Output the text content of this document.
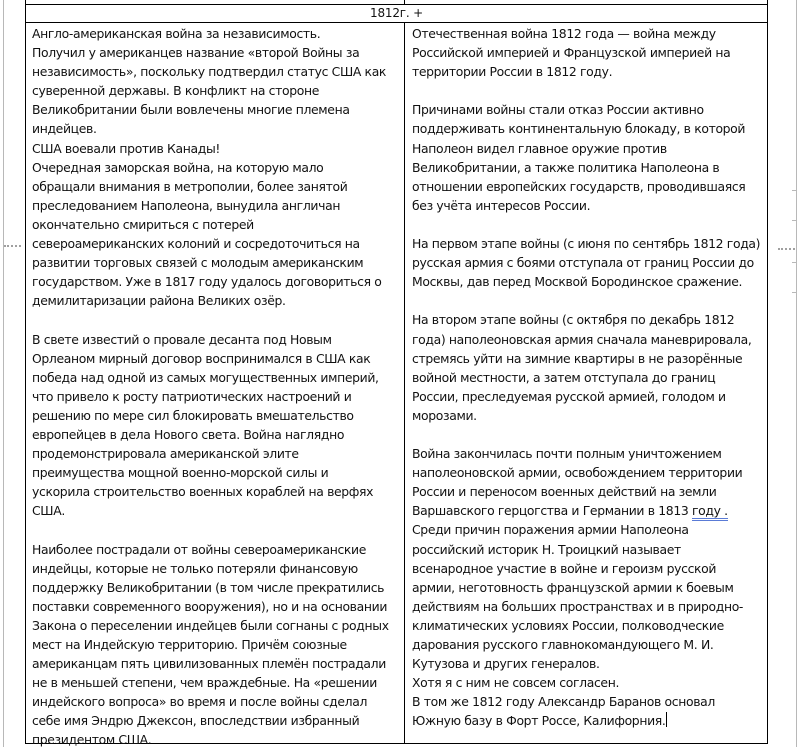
1812г. +
Англо-американская война за независимость.
Получил у американцев название «второй Войны за
независимость», поскольку подтвердил статус США как
суверенной державы. В конфликт на стороне
Великобритании были вовлечены многие племена
индейцев.
США воевали против Канады!
Очередная заморская война, на которую мало
обращали внимания в метрополии, более занятой
преследованием Наполеона, вынудила англичан
окончательно смириться с потерей
североамериканских колоний и сосредоточиться на
развитии торговых связей с молодым американским
государством. Уже в 1817 году удалось договориться о
демилитаризации района Великих озёр.
В свете известий о провале десанта под Новым
Орлеаном мирный договор воспринимался в США как
победа над одной из самых могущественных империй,
что привело к росту патриотических настроений и
решению по мере сил блокировать вмешательство
европейцев в дела Нового света. Война наглядно
продемонстрировала американской элите
преимущества мощной военно-морской силы и
ускорила строительство военных кораблей на верфях
США.
Наиболее пострадали от войны североамериканские
индейцы, которые не только потеряли финансовую
поддержку Великобритании (в том числе прекратились
поставки современного вооружения), но и на основании
Закона о переселении индейцев были согнаны с родных
мест на Индейскую территорию. Причём союзные
американцам пять цивилизованных племён пострадали
не в меньшей степени, чем враждебные. На «решении
индейского вопроса» во время и после войны сделал
себе имя Эндрю Джексон, впоследствии избранный
президентом США.
Отечественная война 1812 года — война между
Российской империей и Французской империей на
территории России в 1812 году.
Причинами войны стали отказ России активно
поддерживать континентальную блокаду, в которой
Наполеон видел главное оружие против
Великобритании, а также политика Наполеона в
отношении европейских государств, проводившаяся
без учёта интересов России.
На первом этапе войны (с июня по сентябрь 1812 года)
русская армия с боями отступала от границ России до
Москвы, дав перед Москвой Бородинское сражение.
На втором этапе войны (с октября по декабрь 1812
года) наполеоновская армия сначала маневрировала,
стремясь уйти на зимние квартиры в не разорённые
войной местности, а затем отступала до границ
России, преследуемая русской армией, голодом и
морозами.
Война закончилась почти полным уничтожением
наполеоновской армии, освобождением территории
России и переносом военных действий на земли
Варшавского герцогства и Германии в 1813 году .
Среди причин поражения армии Наполеона
российский историк Н. Троицкий называет
всенародное участие в войне и героизм русской
армии, неготовность французской армии к боевым
действиям на больших пространствах и в природно-
климатических условиях России, полководческие
дарования русского главнокомандующего М. И.
Кутузова и других генералов.
Хотя я с ним не совсем согласен.
В том же 1812 году Александр Баранов основал
Южную базу в Форт Россе, Калифорния.
